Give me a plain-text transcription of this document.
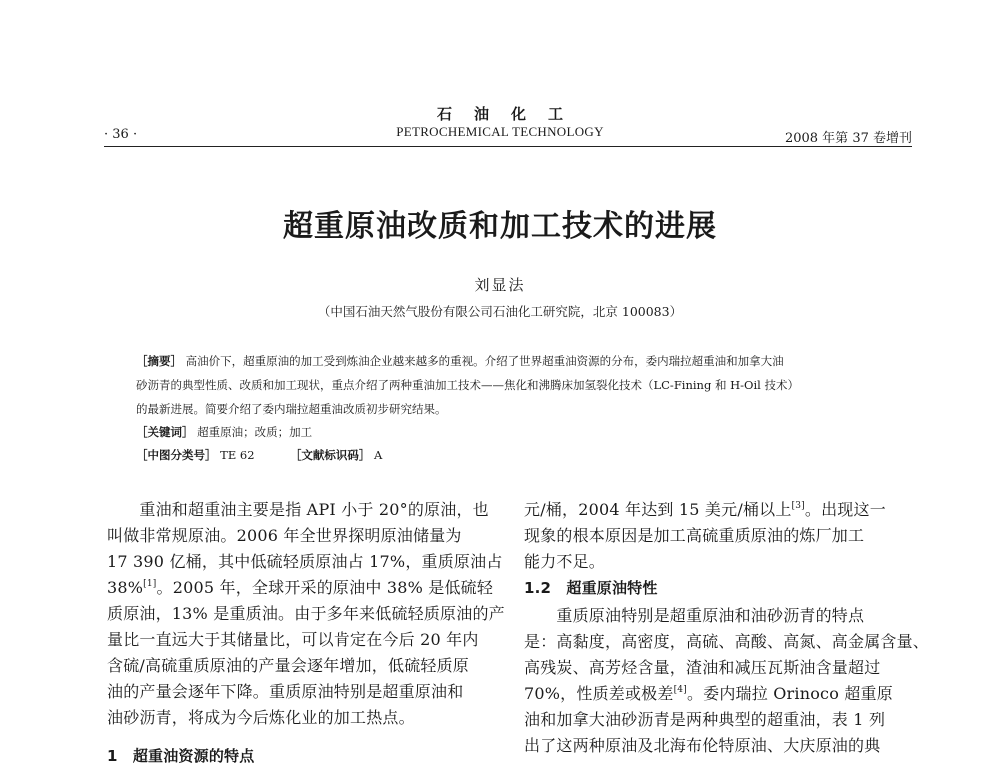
石油化工
PETROCHEMICAL TECHNOLOGY
· 36 ·	2008 年第 37 卷增刊
超重原油改质和加工技术的进展
刘显法
（中国石油天然气股份有限公司石油化工研究院，北京 100083）
［摘要］ 高油价下，超重原油的加工受到炼油企业越来越多的重视。介绍了世界超重油资源的分布，委内瑞拉超重油和加拿大油
砂沥青的典型性质、改质和加工现状，重点介绍了两种重油加工技术——焦化和沸腾床加氢裂化技术（LC-Fining 和 H-Oil 技术）
的最新进展。简要介绍了委内瑞拉超重油改质初步研究结果。
［关键词］ 超重原油；改质；加工
［中图分类号］ TE 62	［文献标识码］ A
　　重油和超重油主要是指 API 小于 20°的原油，也
叫做非常规原油。2006 年全世界探明原油储量为
17 390 亿桶，其中低硫轻质原油占 17%，重质原油占
38%[1]。2005 年，全球开采的原油中 38% 是低硫轻
质原油，13% 是重质油。由于多年来低硫轻质原油的产
量比一直远大于其储量比，可以肯定在今后 20 年内
含硫/高硫重质原油的产量会逐年增加，低硫轻质原
油的产量会逐年下降。重质原油特别是超重原油和
油砂沥青，将成为今后炼化业的加工热点。
1　超重油资源的特点
元/桶，2004 年达到 15 美元/桶以上[3]。出现这一
现象的根本原因是加工高硫重质原油的炼厂加工
能力不足。
1.2　超重原油特性
　　重质原油特别是超重原油和油砂沥青的特点
是：高黏度，高密度，高硫、高酸、高氮、高金属含量、
高残炭、高芳烃含量，渣油和减压瓦斯油含量超过
70%，性质差或极差[4]。委内瑞拉 Orinoco 超重原
油和加拿大油砂沥青是两种典型的超重油，表 1 列
出了这两种原油及北海布伦特原油、大庆原油的典
